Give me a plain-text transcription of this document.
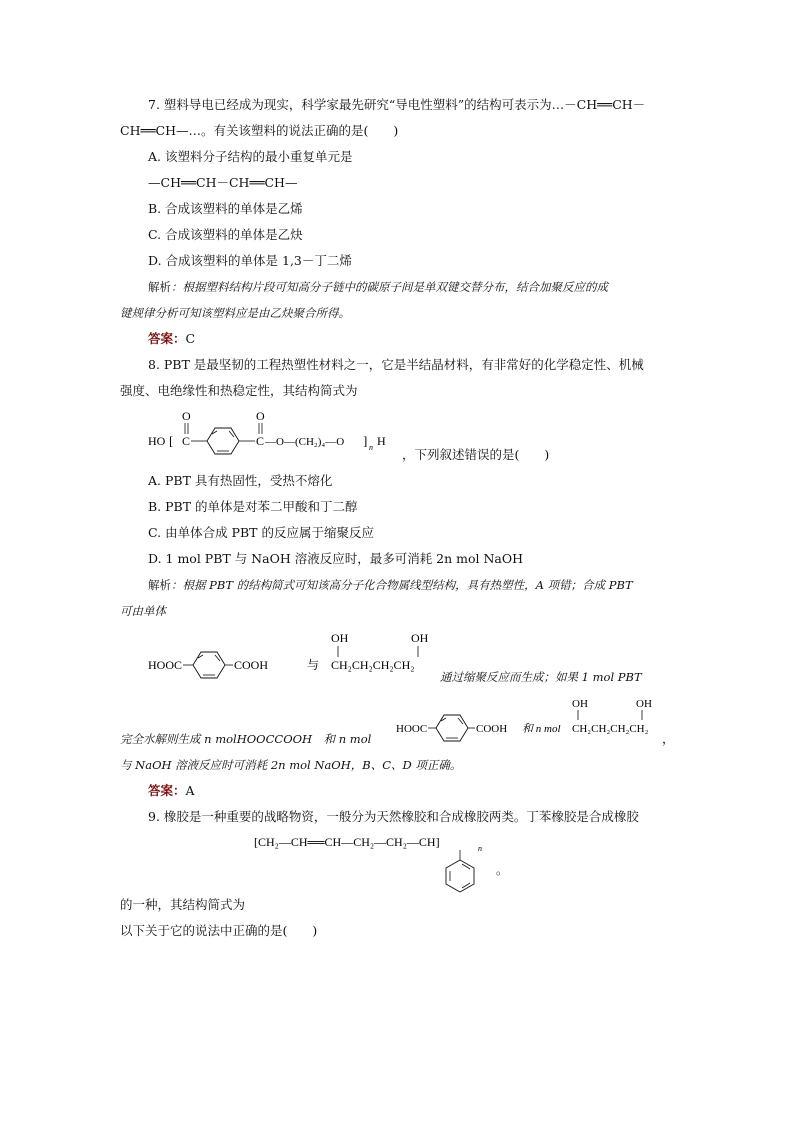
7. 塑料导电已经成为现实，科学家最先研究“导电性塑料”的结构可表示为…－CH══CH－
CH══CH—…。有关该塑料的说法正确的是(　　)
A. 该塑料分子结构的最小重复单元是
—CH══CH－CH══CH—
B. 合成该塑料的单体是乙烯
C. 合成该塑料的单体是乙炔
D. 合成该塑料的单体是 1,3－丁二烯
解析：根据塑料结构片段可知高分子链中的碳原子间是单双键交替分布，结合加聚反应的成
键规律分析可知该塑料应是由乙炔聚合所得。
答案：C
8. PBT 是最坚韧的工程热塑性材料之一，它是半结晶材料，有非常好的化学稳定性、机械
强度、电绝缘性和热稳定性，其结构简式为
O	O
HO [ C	C —O—(CH₂)₄—O ] n H
，下列叙述错误的是(　　)
A. PBT 具有热固性，受热不熔化
B. PBT 的单体是对苯二甲酸和丁二醇
C. 由单体合成 PBT 的反应属于缩聚反应
D. 1 mol PBT 与 NaOH 溶液反应时，最多可消耗 2n mol NaOH
解析：根据 PBT 的结构简式可知该高分子化合物属线型结构，具有热塑性，A 项错；合成 PBT
可由单体
HOOC	COOH	与
OH	OH
CH₂CH₂CH₂CH₂
通过缩聚反应而生成；如果 1 mol PBT
完全水解则生成 n molHOOCCOOH　和 n mol
HOOC	COOH 和 n mol
OH	OH
CH₂CH₂CH₂CH₂
，
与 NaOH 溶液反应时可消耗 2n mol NaOH，B、C、D 项正确。
答案：A
9. 橡胶是一种重要的战略物资，一般分为天然橡胶和合成橡胶两类。丁苯橡胶是合成橡胶
[CH₂—CH══CH—CH₂—CH₂—CH]	n
。
的一种，其结构简式为
以下关于它的说法中正确的是(　　)
